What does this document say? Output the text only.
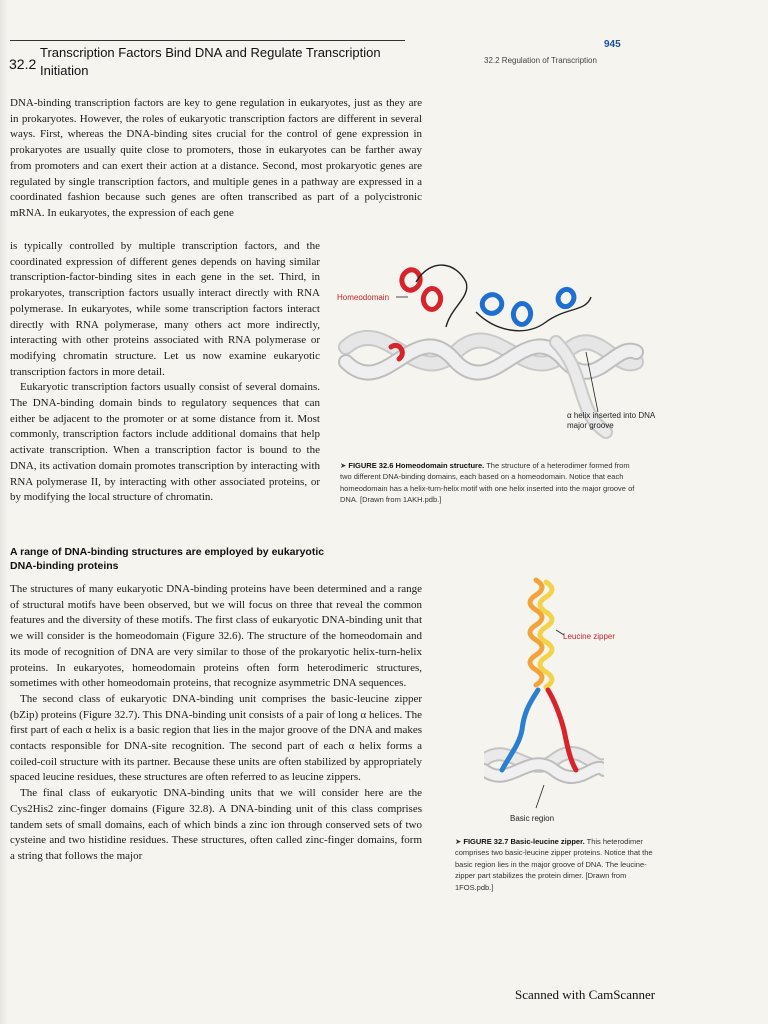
945
32.2 Regulation of Transcription
32.2
Transcription Factors Bind DNA and Regulate Transcription Initiation

DNA-binding transcription factors are key to gene regulation in eukaryotes, just as they are in prokaryotes. However, the roles of eukaryotic transcription factors are different in several ways. First, whereas the DNA-binding sites crucial for the control of gene expression in prokaryotes are usually quite close to promoters, those in eukaryotes can be farther away from promoters and can exert their action at a distance. Second, most prokaryotic genes are regulated by single transcription factors, and multiple genes in a pathway are expressed in a coordinated fashion because such genes are often transcribed as part of a polycistronic mRNA. In eukaryotes, the expression of each gene

is typically controlled by multiple transcription factors, and the coordinated expression of different genes depends on having similar transcription-factor-binding sites in each gene in the set. Third, in prokaryotes, transcription factors usually interact directly with RNA polymerase. In eukaryotes, while some transcription factors interact directly with RNA polymerase, many others act more indirectly, interacting with other proteins associated with RNA polymerase or modifying chromatin structure. Let us now examine eukaryotic transcription factors in more detail.

Eukaryotic transcription factors usually consist of several domains. The DNA-binding domain binds to regulatory sequences that can either be adjacent to the promoter or at some distance from it. Most commonly, transcription factors include additional domains that help activate transcription. When a transcription factor is bound to the DNA, its activation domain promotes transcription by interacting with RNA polymerase II, by interacting with other associated proteins, or by modifying the local structure of chromatin.

Homeodomain
α helix inserted into DNA major groove
➤ FIGURE 32.6 Homeodomain structure. The structure of a heterodimer formed from two different DNA-binding domains, each based on a homeodomain. Notice that each homeodomain has a helix-turn-helix motif with one helix inserted into the major groove of DNA. [Drawn from 1AKH.pdb.]
A range of DNA-binding structures are employed by eukaryotic DNA-binding proteins

The structures of many eukaryotic DNA-binding proteins have been determined and a range of structural motifs have been observed, but we will focus on three that reveal the common features and the diversity of these motifs. The first class of eukaryotic DNA-binding unit that we will consider is the homeodomain (Figure 32.6). The structure of the homeodomain and its mode of recognition of DNA are very similar to those of the prokaryotic helix-turn-helix proteins. In eukaryotes, homeodomain proteins often form heterodimeric structures, sometimes with other homeodomain proteins, that recognize asymmetric DNA sequences.

The second class of eukaryotic DNA-binding unit comprises the basic-leucine zipper (bZip) proteins (Figure 32.7). This DNA-binding unit consists of a pair of long α helices. The first part of each α helix is a basic region that lies in the major groove of the DNA and makes contacts responsible for DNA-site recognition. The second part of each α helix forms a coiled-coil structure with its partner. Because these units are often stabilized by appropriately spaced leucine residues, these structures are often referred to as leucine zippers.

The final class of eukaryotic DNA-binding units that we will consider here are the Cys2His2 zinc-finger domains (Figure 32.8). A DNA-binding unit of this class comprises tandem sets of small domains, each of which binds a zinc ion through conserved sets of two cysteine and two histidine residues. These structures, often called zinc-finger domains, form a string that follows the major

Leucine zipper
Basic region
➤ FIGURE 32.7 Basic-leucine zipper. This heterodimer comprises two basic-leucine zipper proteins. Notice that the basic region lies in the major groove of DNA. The leucine-zipper part stabilizes the protein dimer. [Drawn from 1FOS.pdb.]
Scanned with CamScanner
